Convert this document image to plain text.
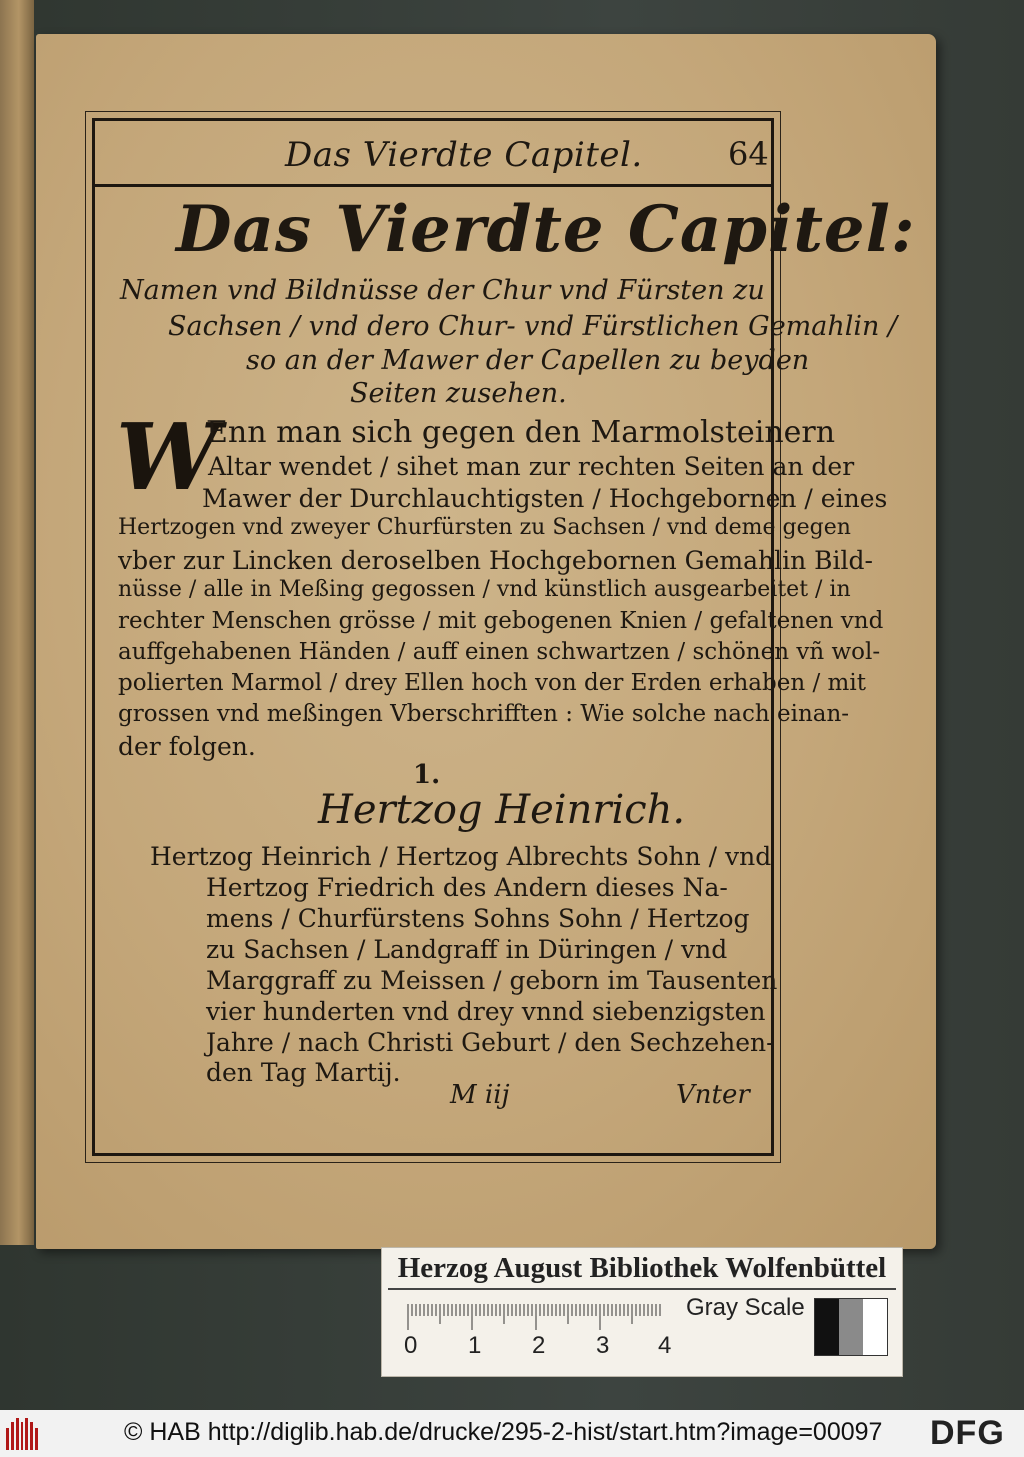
Das Vierdte Capitel.	64
Das Vierdte Capitel:
Namen vnd Bildnüsse der Chur vnd Fürsten zu
Sachsen / vnd dero Chur- vnd Fürstlichen Gemahlin /
so an der Mawer der Capellen zu beyden
Seiten zusehen.
W
Enn man sich gegen den Marmolsteinern
Altar wendet / sihet man zur rechten Seiten an der
Mawer der Durchlauchtigsten / Hochgebornen / eines
Hertzogen vnd zweyer Churfürsten zu Sachsen / vnd deme gegen
vber zur Lincken deroselben Hochgebornen Gemahlin Bild-
nüsse / alle in Meßing gegossen / vnd künstlich ausgearbeitet / in
rechter Menschen grösse / mit gebogenen Knien / gefaltenen vnd
auffgehabenen Händen / auff einen schwartzen / schönen vñ wol-
polierten Marmol / drey Ellen hoch von der Erden erhaben / mit
grossen vnd meßingen Vberschrifften : Wie solche nach einan-
der folgen.
1.
Hertzog Heinrich.
Hertzog Heinrich / Hertzog Albrechts Sohn / vnd
Hertzog Friedrich des Andern dieses Na-
mens / Churfürstens Sohns Sohn / Hertzog
zu Sachsen / Landgraff in Düringen / vnd
Marggraff zu Meissen / geborn im Tausenten
vier hunderten vnd drey vnnd siebenzigsten
Jahre / nach Christi Geburt / den Sechzehen-
den Tag Martij.
M iij	Vnter
Herzog August Bibliothek Wolfenbüttel
0 1 2 3 4
Gray Scale
© HAB http://diglib.hab.de/drucke/295-2-hist/start.htm?image=00097 DFG
